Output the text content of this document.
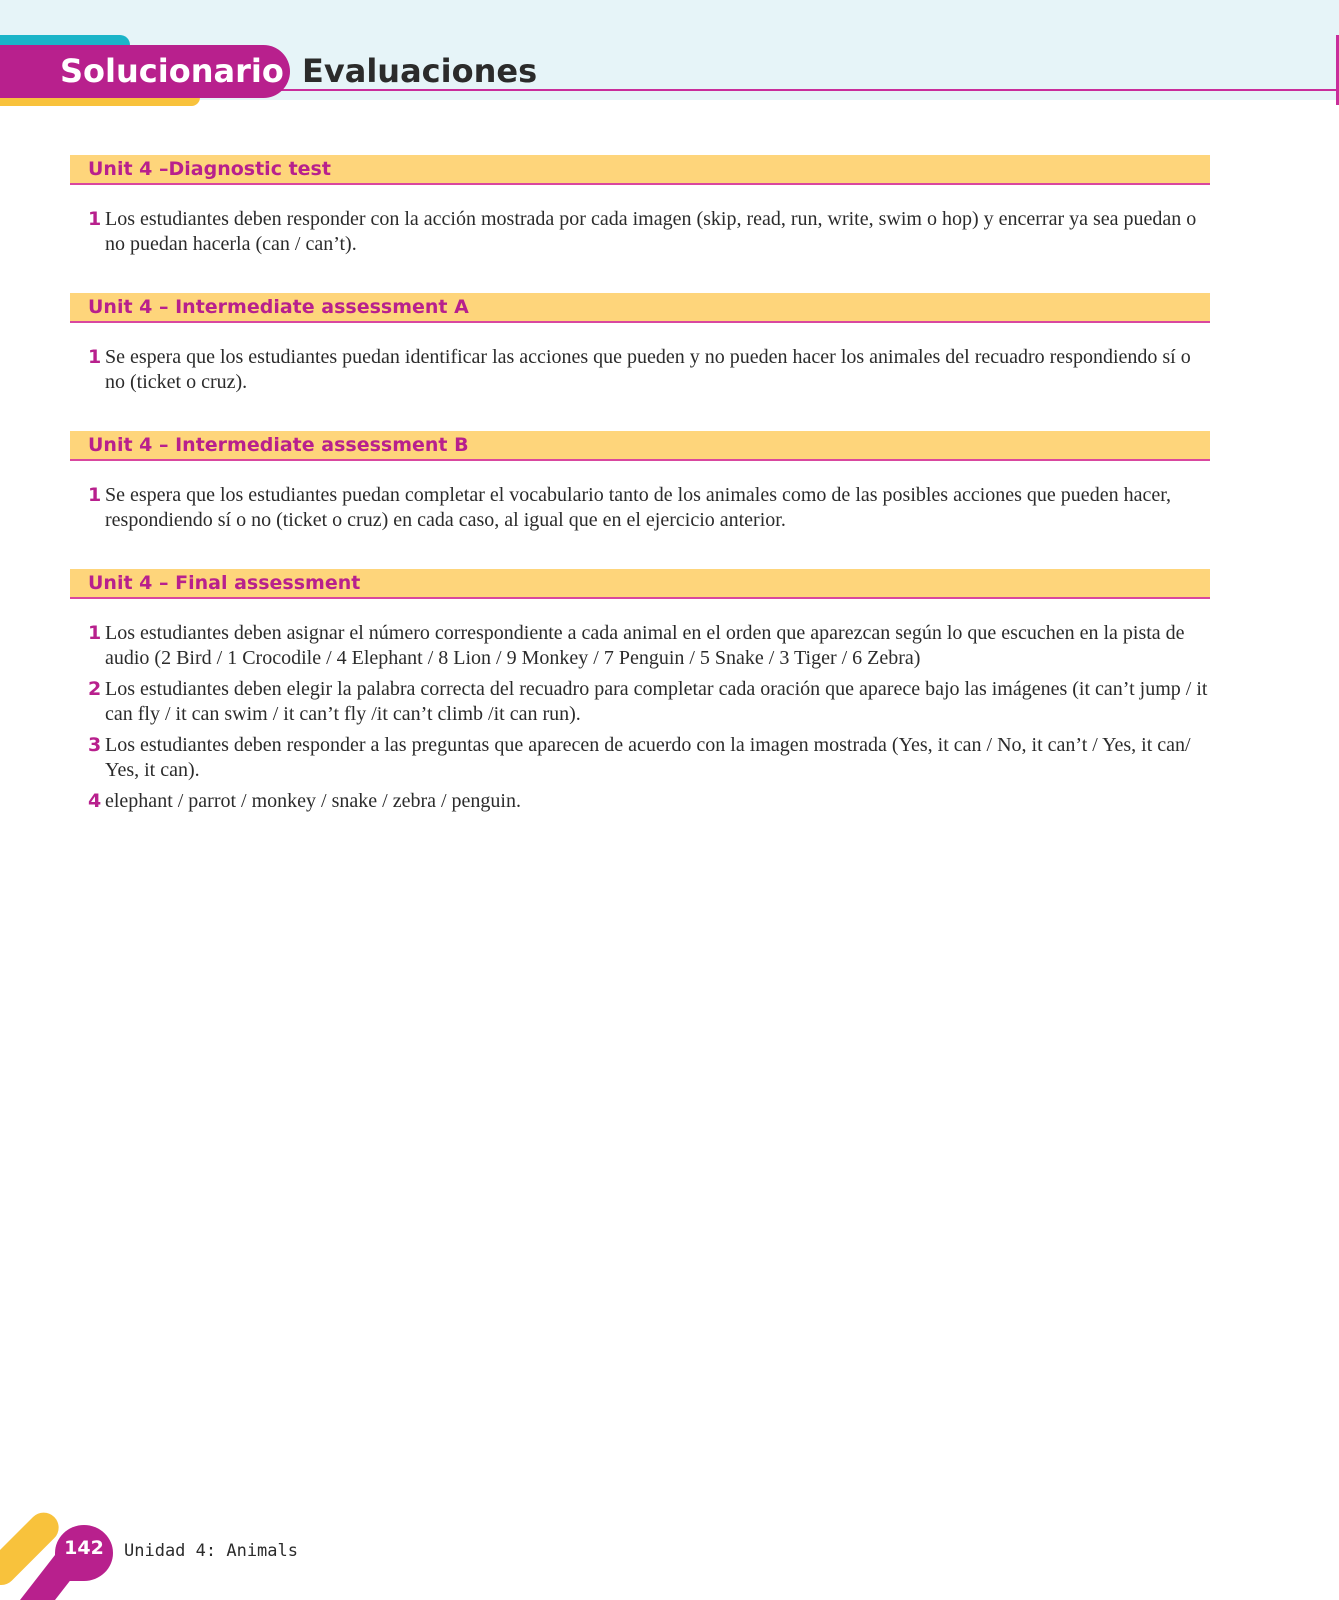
Solucionario Evaluaciones
Unit 4 –Diagnostic test
1 Los estudiantes deben responder con la acción mostrada por cada imagen (skip, read, run, write, swim o hop) y encerrar ya sea puedan o no puedan hacerla (can / can’t).
Unit 4 – Intermediate assessment A
1 Se espera que los estudiantes puedan identificar las acciones que pueden y no pueden hacer los animales del recuadro respondiendo sí o no (ticket o cruz).
Unit 4 – Intermediate assessment B
1 Se espera que los estudiantes puedan completar el vocabulario tanto de los animales como de las posibles acciones que pueden hacer, respondiendo sí o no (ticket o cruz) en cada caso, al igual que en el ejercicio anterior.
Unit 4 – Final assessment
1 Los estudiantes deben asignar el número correspondiente a cada animal en el orden que aparezcan según lo que escuchen en la pista de audio (2 Bird / 1 Crocodile / 4 Elephant / 8 Lion / 9 Monkey / 7 Penguin / 5 Snake / 3 Tiger / 6 Zebra)
2 Los estudiantes deben elegir la palabra correcta del recuadro para completar cada oración que aparece bajo las imágenes (it can’t jump / it can fly / it can swim / it can’t fly /it can’t climb /it can run).
3 Los estudiantes deben responder a las preguntas que aparecen de acuerdo con la imagen mostrada (Yes, it can / No, it can’t / Yes, it can/ Yes, it can).
4 elephant / parrot / monkey / snake / zebra / penguin.
142	Unidad 4: Animals
